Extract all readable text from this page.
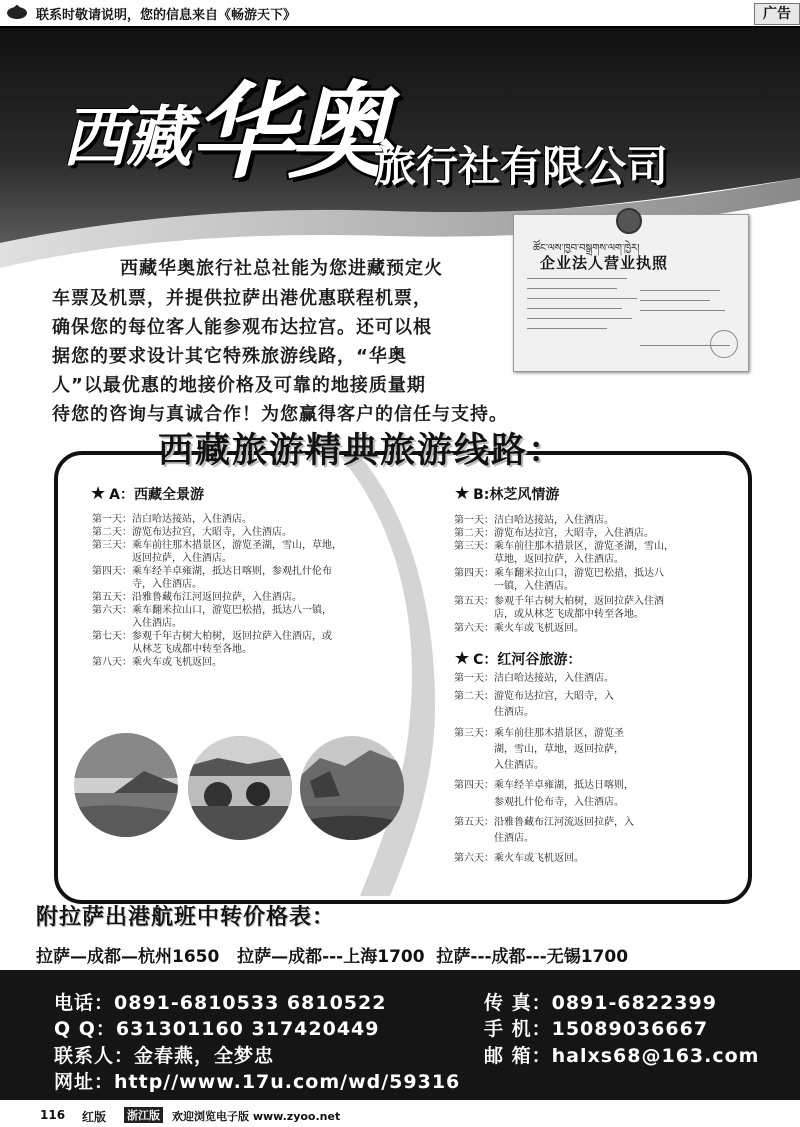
联系时敬请说明，您的信息来自《畅游天下》	广告
西藏 华奥
旅行社有限公司
西藏华奥旅行社总社能为您进藏预定火
车票及机票，并提供拉萨出港优惠联程机票，
确保您的每位客人能参观布达拉宫。还可以根
据您的要求设计其它特殊旅游线路，“华奥
人”以最优惠的地接价格及可靠的地接质量期
待您的咨询与真诚合作！为您赢得客户的信任与支持。
ཚོང་ལས་ཁྱབ་བསྒྲགས་ལག་ཁྱེར།
企业法人营业执照
西藏旅游精典旅游线路：
★ A：西藏全景游
第一天：洁白哈达接站，入住酒店。
第二天：游览布达拉宫，大昭寺，入住酒店。
第三天：乘车前往那木措景区，游览圣湖，雪山，草地，
　　　　返回拉萨，入住酒店。
第四天：乘车经羊卓雍湖，抵达日喀则，参观扎什伦布
　　　　寺，入住酒店。
第五天：沿雅鲁藏布江河返回拉萨，入住酒店。
第六天：乘车翻米拉山口，游览巴松措，抵达八一镇，
　　　　入住酒店。
第七天：参观千年古树大柏树，返回拉萨入住酒店，或
　　　　从林芝飞成都中转至各地。
第八天：乘火车或飞机返回。
★ B:林芝风情游
第一天：洁白哈达接站，入住酒店。
第二天：游览布达拉宫，大昭寺，入住酒店。
第三天：乘车前往那木措景区，游览圣湖，雪山，
　　　　草地，返回拉萨，入住酒店。
第四天：乘车翻米拉山口，游览巴松措，抵达八
　　　　一镇，入住酒店。
第五天：参观千年古树大柏树，返回拉萨入住酒
　　　　店，或从林芝飞成都中转至各地。
第六天：乘火车或飞机返回。
★ C：红河谷旅游：
第一天：洁白哈达接站，入住酒店。
第二天：游览布达拉宫，大昭寺，入
　　　　住酒店。
第三天：乘车前往那木措景区，游览圣
　　　　湖，雪山，草地，返回拉萨，
　　　　入住酒店。
第四天：乘车经羊卓雍湖，抵达日喀则，
　　　　参观扎什伦布寺，入住酒店。
第五天：沿雅鲁藏布江河流返回拉萨，入
　　　　住酒店。
第六天：乘火车或飞机返回。
附拉萨出港航班中转价格表：
拉萨—成都—杭州1650   拉萨—成都---上海1700  拉萨---成都---无锡1700
电话：0891-6810533 6810522
Q Q：631301160 317420449
联系人：金春燕，全梦忠
网址：http//www.17u.com/wd/59316
传 真：0891-6822399
手 机：15089036667
邮 箱：halxs68@163.com
116 红版 浙江版 欢迎浏览电子版 www.zyoo.net
